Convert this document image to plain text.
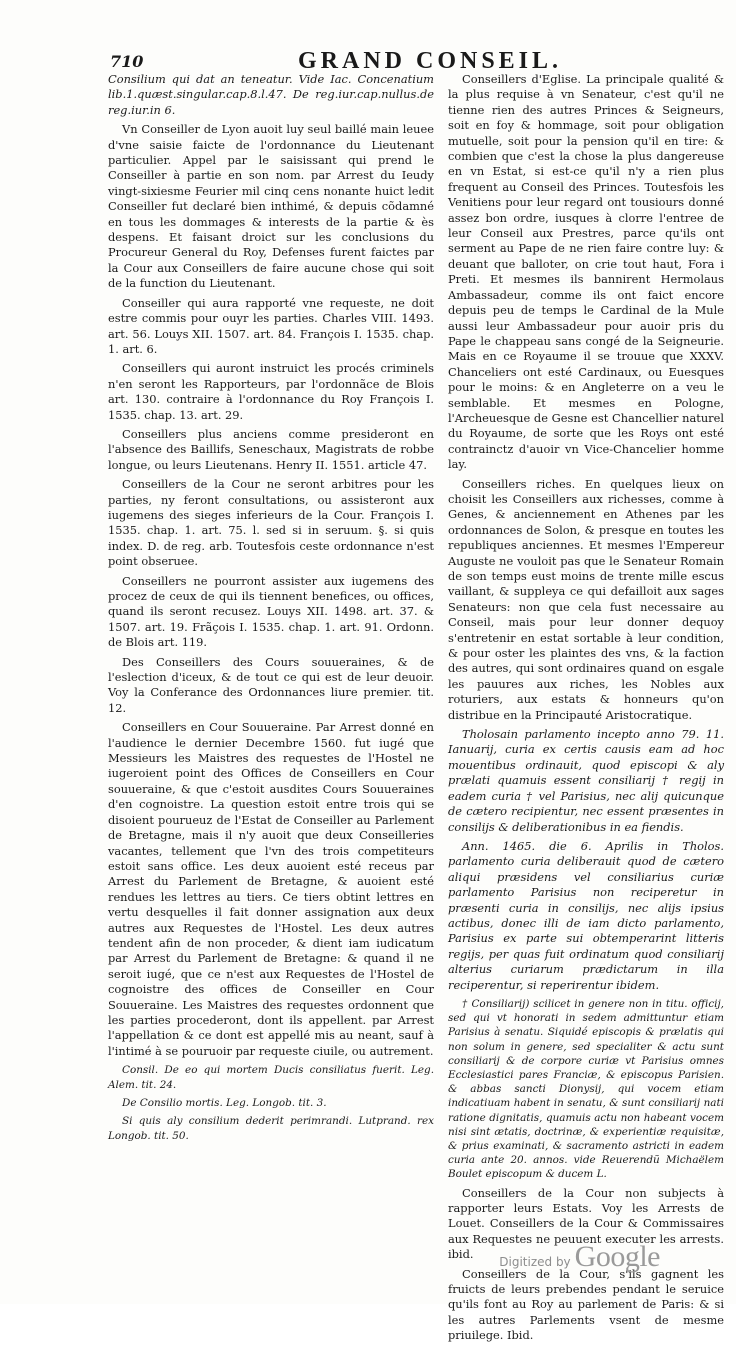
710	GRAND CONSEIL.

Consilium qui dat an teneatur. Vide Iac. Concenatium lib.1.quæst.singular.cap.8.l.47. De reg.iur.cap.nullus.de reg.iur.in 6.

Vn Conseiller de Lyon auoit luy seul baillé main leuee d'vne saisie faicte de l'ordonnance du Lieutenant particulier. Appel par le saisissant qui prend le Conseiller à partie en son nom. par Arrest du Ieudy vingt-sixiesme Feurier mil cinq cens nonante huict ledit Conseiller fut declaré bien inthimé, & depuis cõdamné en tous les dommages & interests de la partie & ès despens. Et faisant droict sur les conclusions du Procureur General du Roy, Defenses furent faictes par la Cour aux Conseillers de faire aucune chose qui soit de la function du Lieutenant.

Conseiller qui aura rapporté vne requeste, ne doit estre commis pour ouyr les parties. Charles VIII. 1493. art. 56. Louys XII. 1507. art. 84. François I. 1535. chap. 1. art. 6.

Conseillers qui auront instruict les procés criminels n'en seront les Rapporteurs, par l'ordonnãce de Blois art. 130. contraire à l'ordonnance du Roy François I. 1535. chap. 13. art. 29.

Conseillers plus anciens comme presideront en l'absence des Baillifs, Seneschaux, Magistrats de robbe longue, ou leurs Lieutenans. Henry II. 1551. article 47.

Conseillers de la Cour ne seront arbitres pour les parties, ny feront consultations, ou assisteront aux iugemens des sieges inferieurs de la Cour. François I. 1535. chap. 1. art. 75. l. sed si in seruum. §. si quis index. D. de reg. arb. Toutesfois ceste ordonnance n'est point obseruee.

Conseillers ne pourront assister aux iugemens des procez de ceux de qui ils tiennent benefices, ou offices, quand ils seront recusez. Louys XII. 1498. art. 37. & 1507. art. 19. Frãçois I. 1535. chap. 1. art. 91. Ordonn. de Blois art. 119.

Des Conseillers des Cours souueraines, & de l'eslection d'iceux, & de tout ce qui est de leur deuoir. Voy la Conferance des Ordonnances liure premier. tit. 12.

Conseillers en Cour Souueraine. Par Arrest donné en l'audience le dernier Decembre 1560. fut iugé que Messieurs les Maistres des requestes de l'Hostel ne iugeroient point des Offices de Conseillers en Cour souueraine, & que c'estoit ausdites Cours Souueraines d'en cognoistre. La question estoit entre trois qui se disoient pourueuz de l'Estat de Conseiller au Parlement de Bretagne, mais il n'y auoit que deux Conseilleries vacantes, tellement que l'vn des trois competiteurs estoit sans office. Les deux auoient esté receus par Arrest du Parlement de Bretagne, & auoient esté rendues les lettres au tiers. Ce tiers obtint lettres en vertu desquelles il fait donner assignation aux deux autres aux Requestes de l'Hostel. Les deux autres tendent afin de non proceder, & dient iam iudicatum par Arrest du Parlement de Bretagne: & quand il ne seroit iugé, que ce n'est aux Requestes de l'Hostel de cognoistre des offices de Conseiller en Cour Souueraine. Les Maistres des requestes ordonnent que les parties procederont, dont ils appellent. par Arrest l'appellation & ce dont est appellé mis au neant, sauf à l'intimé à se pouruoir par requeste ciuile, ou autrement.

Consil. De eo qui mortem Ducis consiliatus fuerit. Leg. Alem. tit. 24.

De Consilio mortis. Leg. Longob. tit. 3.

Si quis aly consilium dederit perimrandi. Lutprand. rex Longob. tit. 50.

Conseillers d'Eglise. La principale qualité & la plus requise à vn Senateur, c'est qu'il ne tienne rien des autres Princes & Seigneurs, soit en foy & hommage, soit pour obligation mutuelle, soit pour la pension qu'il en tire: & combien que c'est la chose la plus dangereuse en vn Estat, si est-ce qu'il n'y a rien plus frequent au Conseil des Princes. Toutesfois les Venitiens pour leur regard ont tousiours donné assez bon ordre, iusques à clorre l'entree de leur Conseil aux Prestres, parce qu'ils ont serment au Pape de ne rien faire contre luy: & deuant que balloter, on crie tout haut, Fora i Preti. Et mesmes ils bannirent Hermolaus Ambassadeur, comme ils ont faict encore depuis peu de temps le Cardinal de la Mule aussi leur Ambassadeur pour auoir pris du Pape le chappeau sans congé de la Seigneurie. Mais en ce Royaume il se trouue que XXXV. Chanceliers ont esté Cardinaux, ou Euesques pour le moins: & en Angleterre on a veu le semblable. Et mesmes en Pologne, l'Archeuesque de Gesne est Chancellier naturel du Royaume, de sorte que les Roys ont esté contrainctz d'auoir vn Vice-Chancelier homme lay.

Conseillers riches. En quelques lieux on choisit les Conseillers aux richesses, comme à Genes, & anciennement en Athenes par les ordonnances de Solon, & presque en toutes les republiques anciennes. Et mesmes l'Empereur Auguste ne vouloit pas que le Senateur Romain de son temps eust moins de trente mille escus vaillant, & suppleya ce qui defailloit aux sages Senateurs: non que cela fust necessaire au Conseil, mais pour leur donner dequoy s'entretenir en estat sortable à leur condition, & pour oster les plaintes des vns, & la faction des autres, qui sont ordinaires quand on esgale les pauures aux riches, les Nobles aux roturiers, aux estats & honneurs qu'on distribue en la Principauté Aristocratique.

Tholosain parlamento incepto anno 79. 11. Ianuarij, curia ex certis causis eam ad hoc mouentibus ordinauit, quod episcopi & aly prælati quamuis essent consiliarij † regij in eadem curia † vel Parisius, nec alij quicunque de cætero recipientur, nec essent præsentes in consilijs & deliberationibus in ea fiendis.

Ann. 1465. die 6. Aprilis in Tholos. parlamento curia deliberauit quod de cætero aliqui præsidens vel consiliarius curiæ parlamento Parisius non reciperetur in præsenti curia in consilijs, nec alijs ipsius actibus, donec illi de iam dicto parlamento, Parisius ex parte sui obtemperarint litteris regijs, per quas fuit ordinatum quod consiliarij alterius curiarum prædictarum in illa reciperentur, si reperirentur ibidem.

† Consiliarij) scilicet in genere non in titu. officij, sed qui vt honorati in sedem admittuntur etiam Parisius à senatu. Siquidé episcopis & prælatis qui non solum in genere, sed specialiter & actu sunt consiliarij & de corpore curiæ vt Parisius omnes Ecclesiastici pares Franciæ, & episcopus Parisien. & abbas sancti Dionysij, qui vocem etiam indicatiuam habent in senatu, & sunt consiliarij nati ratione dignitatis, quamuis actu non habeant vocem nisi sint ætatis, doctrinæ, & experientiæ requisitæ, & prius examinati, & sacramento astricti in eadem curia ante 20. annos. vide Reuerendũ Michaëlem Boulet episcopum & ducem L.

Conseillers de la Cour non subjects à rapporter leurs Estats. Voy les Arrests de Louet. Conseillers de la Cour & Commissaires aux Requestes ne peuuent executer les arrests. ibid.

Conseillers de la Cour, s'ils gagnent les fruicts de leurs prebendes pendant le seruice qu'ils font au Roy au parlement de Paris: & si les autres Parlements vsent de mesme priuilege. Ibid.

Digitized by Google
